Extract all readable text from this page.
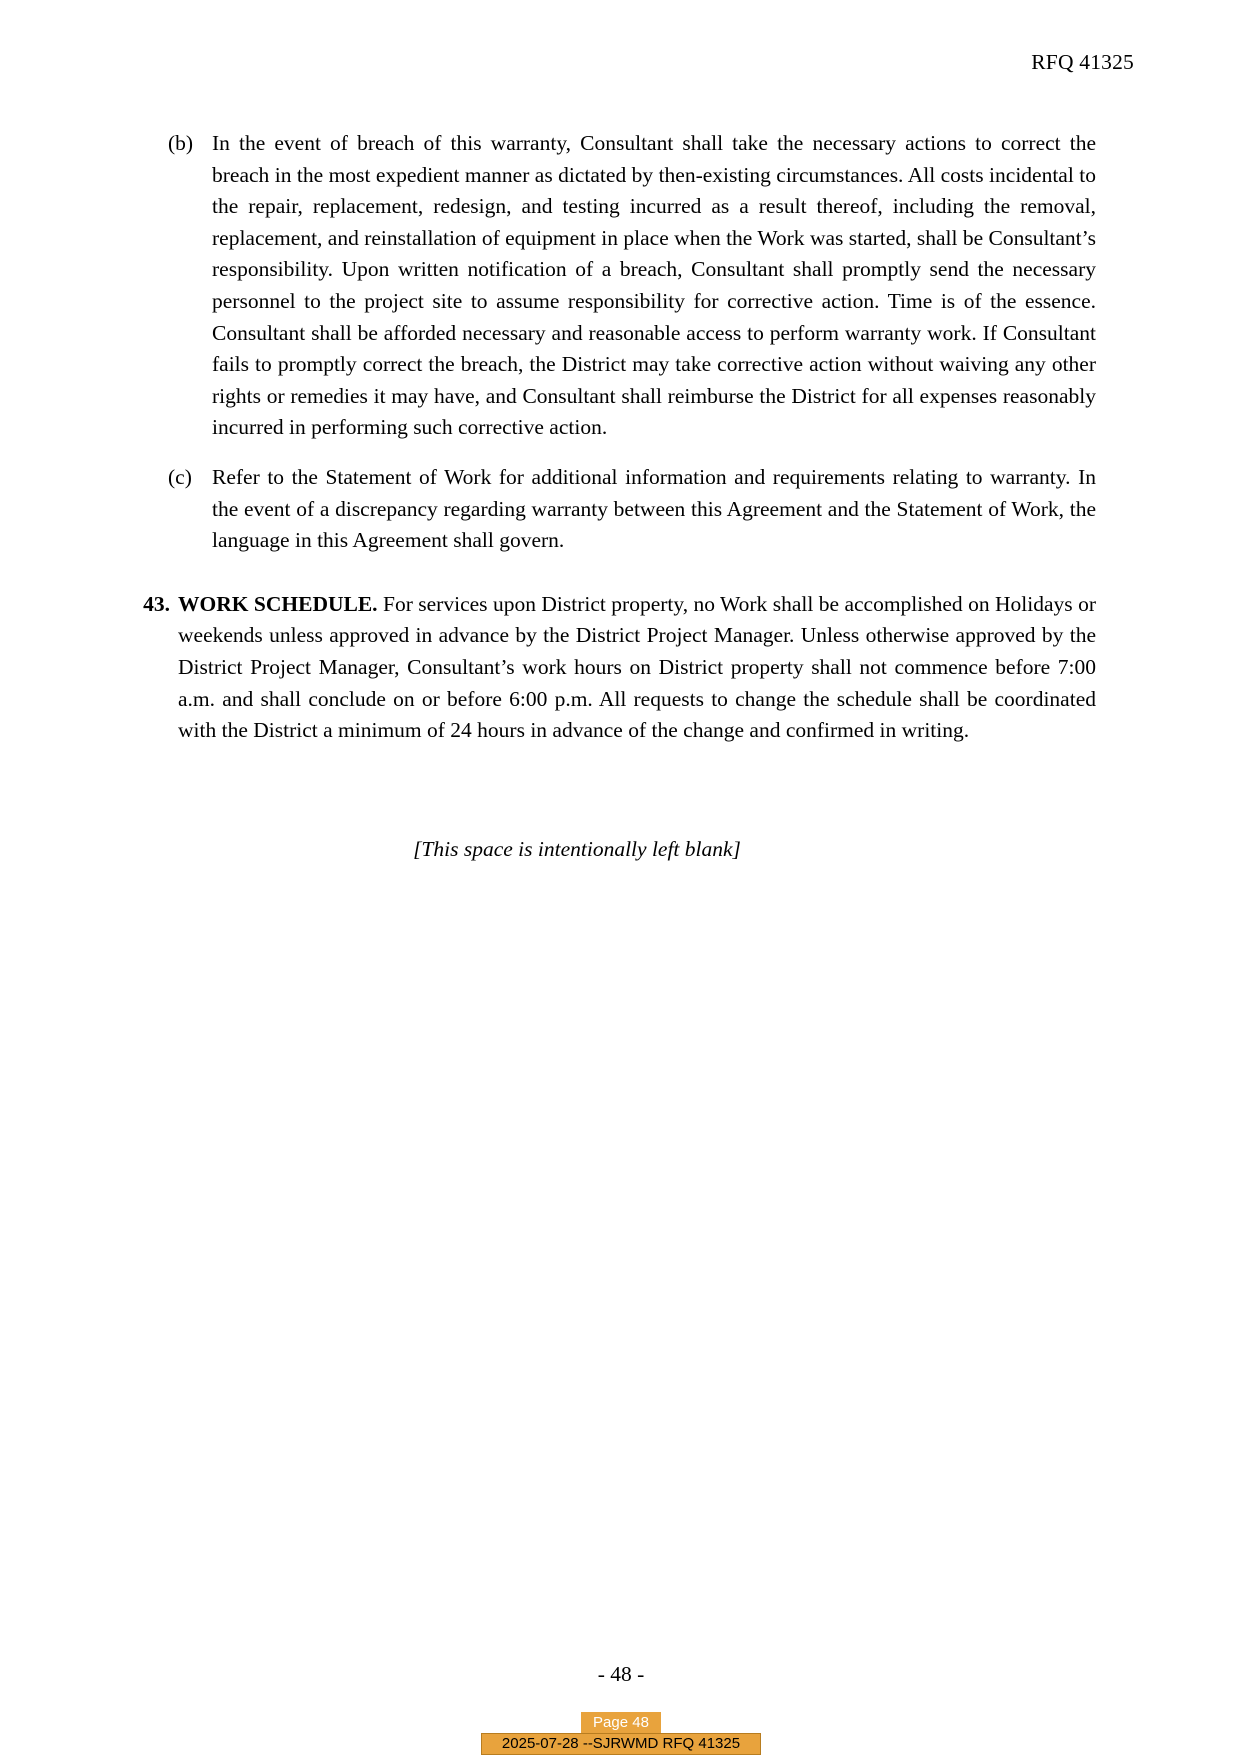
RFQ 41325
(b) In the event of breach of this warranty, Consultant shall take the necessary actions to correct the breach in the most expedient manner as dictated by then-existing circumstances. All costs incidental to the repair, replacement, redesign, and testing incurred as a result thereof, including the removal, replacement, and reinstallation of equipment in place when the Work was started, shall be Consultant’s responsibility. Upon written notification of a breach, Consultant shall promptly send the necessary personnel to the project site to assume responsibility for corrective action. Time is of the essence. Consultant shall be afforded necessary and reasonable access to perform warranty work. If Consultant fails to promptly correct the breach, the District may take corrective action without waiving any other rights or remedies it may have, and Consultant shall reimburse the District for all expenses reasonably incurred in performing such corrective action.
(c) Refer to the Statement of Work for additional information and requirements relating to warranty. In the event of a discrepancy regarding warranty between this Agreement and the Statement of Work, the language in this Agreement shall govern.
43. WORK SCHEDULE. For services upon District property, no Work shall be accomplished on Holidays or weekends unless approved in advance by the District Project Manager. Unless otherwise approved by the District Project Manager, Consultant’s work hours on District property shall not commence before 7:00 a.m. and shall conclude on or before 6:00 p.m. All requests to change the schedule shall be coordinated with the District a minimum of 24 hours in advance of the change and confirmed in writing.
[This space is intentionally left blank]
- 48 -
Page 48
2025-07-28 --SJRWMD RFQ 41325
